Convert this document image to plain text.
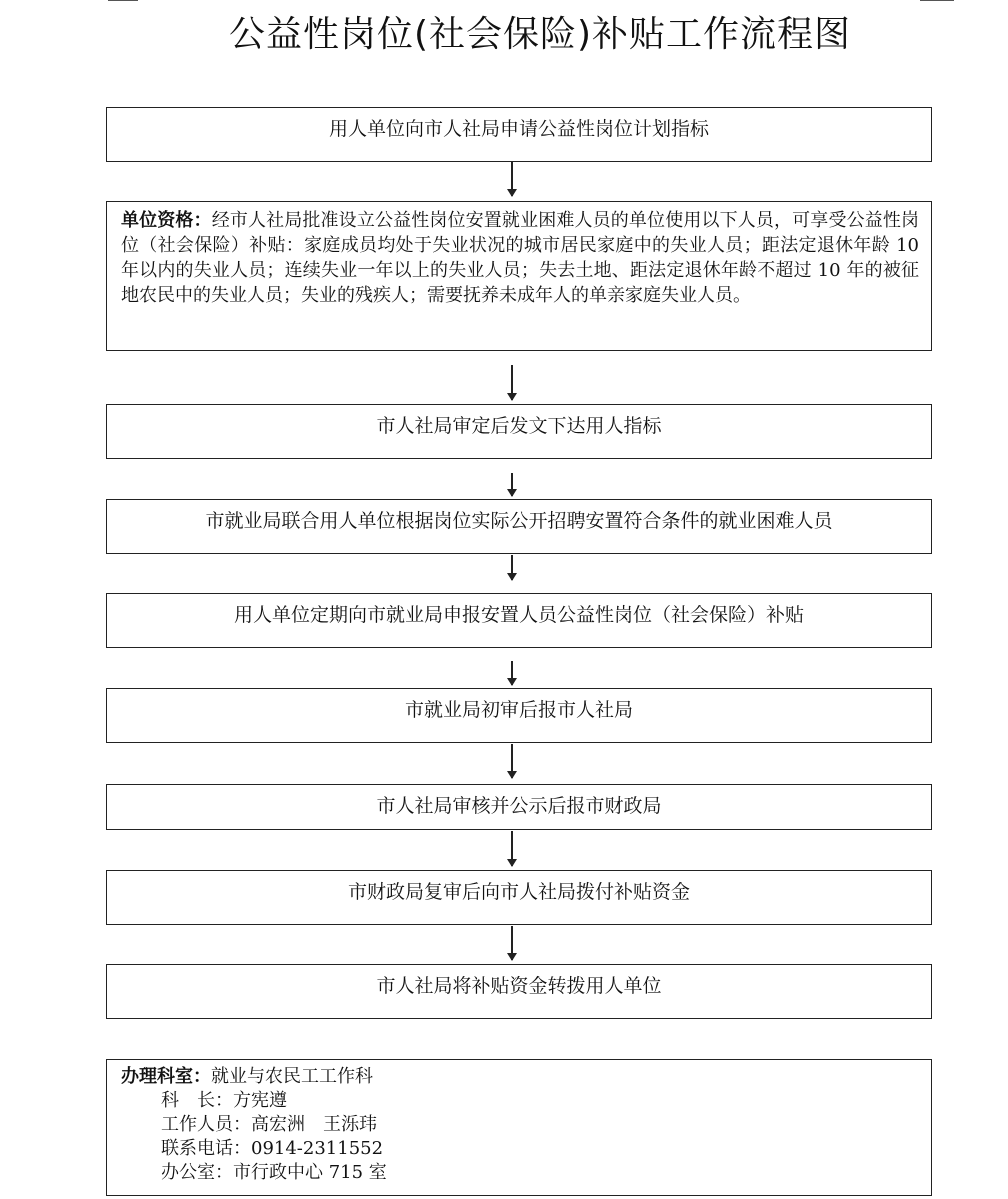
公益性岗位(社会保险)补贴工作流程图
用人单位向市人社局申请公益性岗位计划指标
单位资格：经市人社局批准设立公益性岗位安置就业困难人员的单位使用以下人员，可享受公益性岗位（社会保险）补贴：家庭成员均处于失业状况的城市居民家庭中的失业人员；距法定退休年龄 10 年以内的失业人员；连续失业一年以上的失业人员；失去土地、距法定退休年龄不超过 10 年的被征地农民中的失业人员；失业的残疾人；需要抚养未成年人的单亲家庭失业人员。
市人社局审定后发文下达用人指标
市就业局联合用人单位根据岗位实际公开招聘安置符合条件的就业困难人员
用人单位定期向市就业局申报安置人员公益性岗位（社会保险）补贴
市就业局初审后报市人社局
市人社局审核并公示后报市财政局
市财政局复审后向市人社局拨付补贴资金
市人社局将补贴资金转拨用人单位
办理科室：就业与农民工工作科
科　长：方宪遵
工作人员：高宏洲　王泺玮
联系电话：0914-2311552
办公室：市行政中心 715 室
